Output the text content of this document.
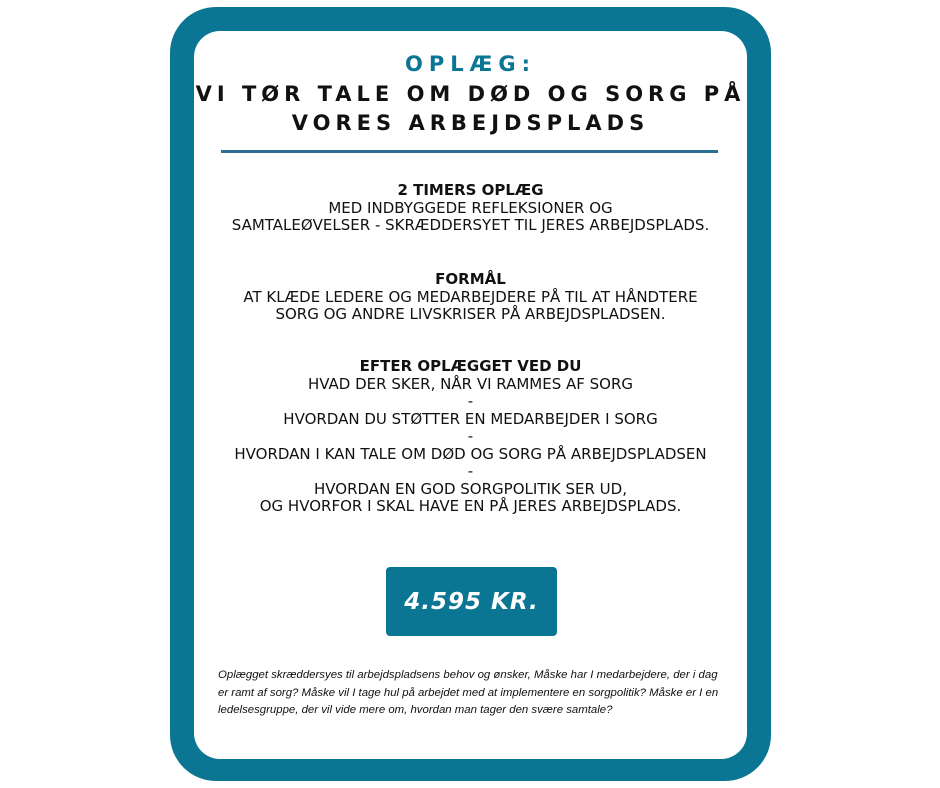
OPLÆG:
VI TØR TALE OM DØD OG SORG PÅ
VORES ARBEJDSPLADS
2 TIMERS OPLÆG
MED INDBYGGEDE REFLEKSIONER OG
SAMTALEØVELSER - SKRÆDDERSYET TIL JERES ARBEJDSPLADS.
FORMÅL
AT KLÆDE LEDERE OG MEDARBEJDERE PÅ TIL AT HÅNDTERE
SORG OG ANDRE LIVSKRISER PÅ ARBEJDSPLADSEN.
EFTER OPLÆGGET VED DU
HVAD DER SKER, NÅR VI RAMMES AF SORG
-
HVORDAN DU STØTTER EN MEDARBEJDER I SORG
-
HVORDAN I KAN TALE OM DØD OG SORG PÅ ARBEJDSPLADSEN
-
HVORDAN EN GOD SORGPOLITIK SER UD,
OG HVORFOR I SKAL HAVE EN PÅ JERES ARBEJDSPLADS.
4.595 KR.
Oplægget skræddersyes til arbejdspladsens behov og ønsker, Måske har I medarbejdere, der i dag er ramt af sorg? Måske vil I tage hul på arbejdet med at implementere en sorgpolitik? Måske er I en ledelsesgruppe, der vil vide mere om, hvordan man tager den svære samtale?
